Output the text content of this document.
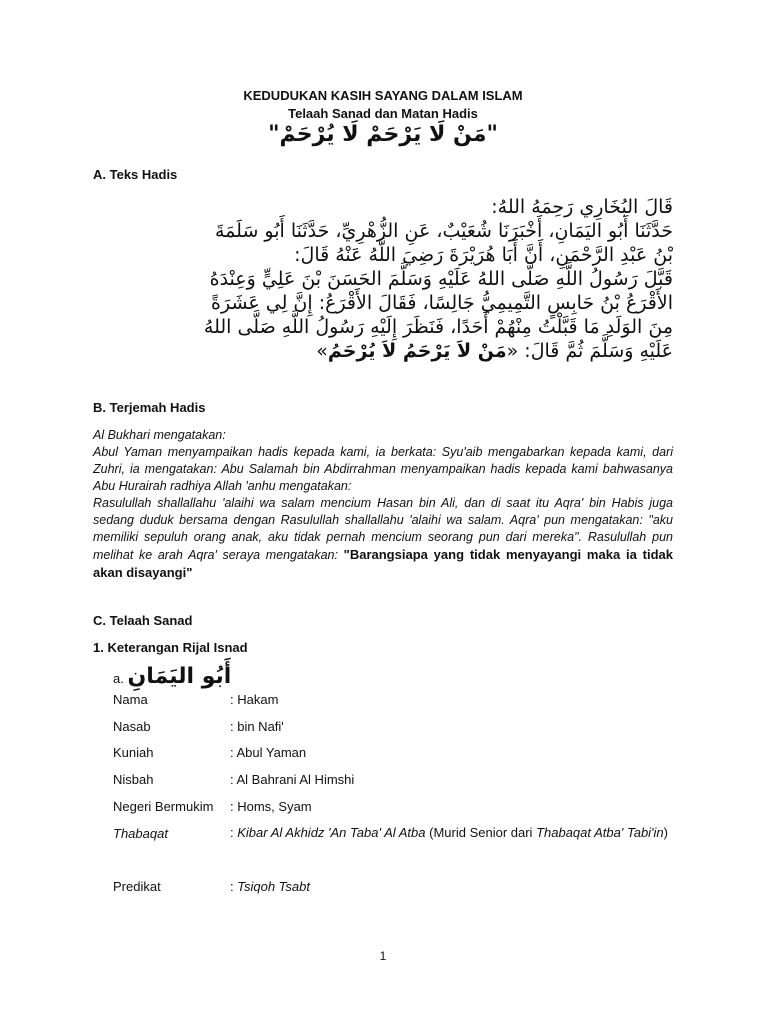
KEDUDUKAN KASIH SAYANG DALAM ISLAM
Telaah Sanad dan Matan Hadis
"مَنْ لَا يَرْحَمْ لَا يُرْحَمْ"
A. Teks Hadis

قَالَ البُخَارِي رَحِمَهُ اللهُ:

حَدَّثَنَا أَبُو اليَمَانِ، أَخْبَرَنَا شُعَيْبٌ، عَنِ الزُّهْرِيِّ، حَدَّثَنَا أَبُو سَلَمَةَ

بْنُ عَبْدِ الرَّحْمَنِ، أَنَّ أَبَا هُرَيْرَةَ رَضِيَ اللَّهُ عَنْهُ قَالَ:

قَبَّلَ رَسُولُ اللَّهِ صَلَّى اللهُ عَلَيْهِ وَسَلَّمَ الحَسَنَ بْنَ عَلِيٍّ وَعِنْدَهُ

الأَقْرَعُ بْنُ حَابِسٍ التَّمِيمِيُّ جَالِسًا، فَقَالَ الأَقْرَعُ: إِنَّ لِي عَشَرَةً

مِنَ الوَلَدِ مَا قَبَّلْتُ مِنْهُمْ أَحَدًا، فَنَظَرَ إِلَيْهِ رَسُولُ اللَّهِ صَلَّى اللهُ

عَلَيْهِ وَسَلَّمَ ثُمَّ قَالَ: «مَنْ لاَ يَرْحَمُ لاَ يُرْحَمُ»

B. Terjemah Hadis

Al Bukhari mengatakan:

Abul Yaman menyampaikan hadis kepada kami, ia berkata: Syu'aib mengabarkan kepada kami, dari Zuhri, ia mengatakan: Abu Salamah bin Abdirrahman menyampaikan hadis kepada kami bahwasanya Abu Hurairah radhiya Allah 'anhu mengatakan:

Rasulullah shallallahu 'alaihi wa salam mencium Hasan bin Ali, dan di saat itu Aqra' bin Habis juga sedang duduk bersama dengan Rasulullah shallallahu 'alaihi wa salam. Aqra' pun mengatakan: "aku memiliki sepuluh orang anak, aku tidak pernah mencium seorang pun dari mereka". Rasulullah pun melihat ke arah Aqra' seraya mengatakan: "Barangsiapa yang tidak menyayangi maka ia tidak akan disayangi"

C. Telaah Sanad
1. Keterangan Rijal Isnad
a. أَبُو اليَمَانِ
Nama	: Hakam
Nasab	: bin Nafi'
Kuniah	: Abul Yaman
Nisbah	: Al Bahrani Al Himshi
Negeri Bermukim : Homs, Syam
Thabaqat	: Kibar Al Akhidz 'An Taba' Al Atba (Murid Senior dari Thabaqat Atba' Tabi'in)
Predikat	: Tsiqoh Tsabt
1
